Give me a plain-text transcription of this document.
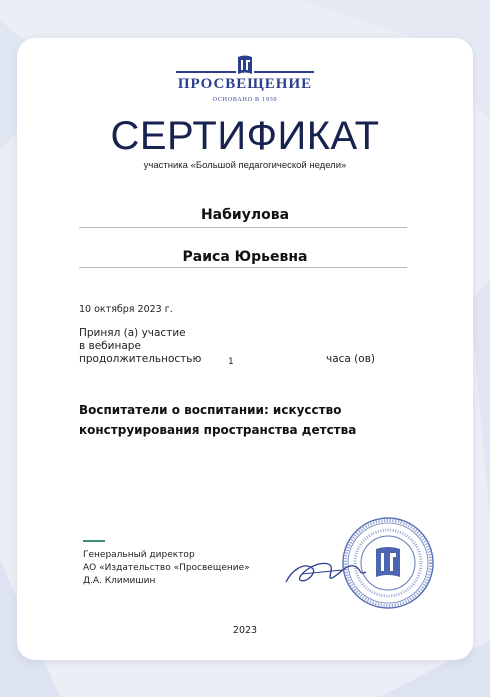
ПРОСВЕЩЕНИЕ
ОСНОВАНО В 1930
СЕРТИФИКАТ
участника «Большой педагогической недели»
Набиулова
Раиса Юрьевна
10 октября 2023 г.
Принял (а) участие
в вебинаре
продолжительностью	1	часа (ов)
Воспитатели о воспитании: искусство конструирования пространства детства
Генеральный директор
АО «Издательство «Просвещение»
Д.А. Климишин
2023
